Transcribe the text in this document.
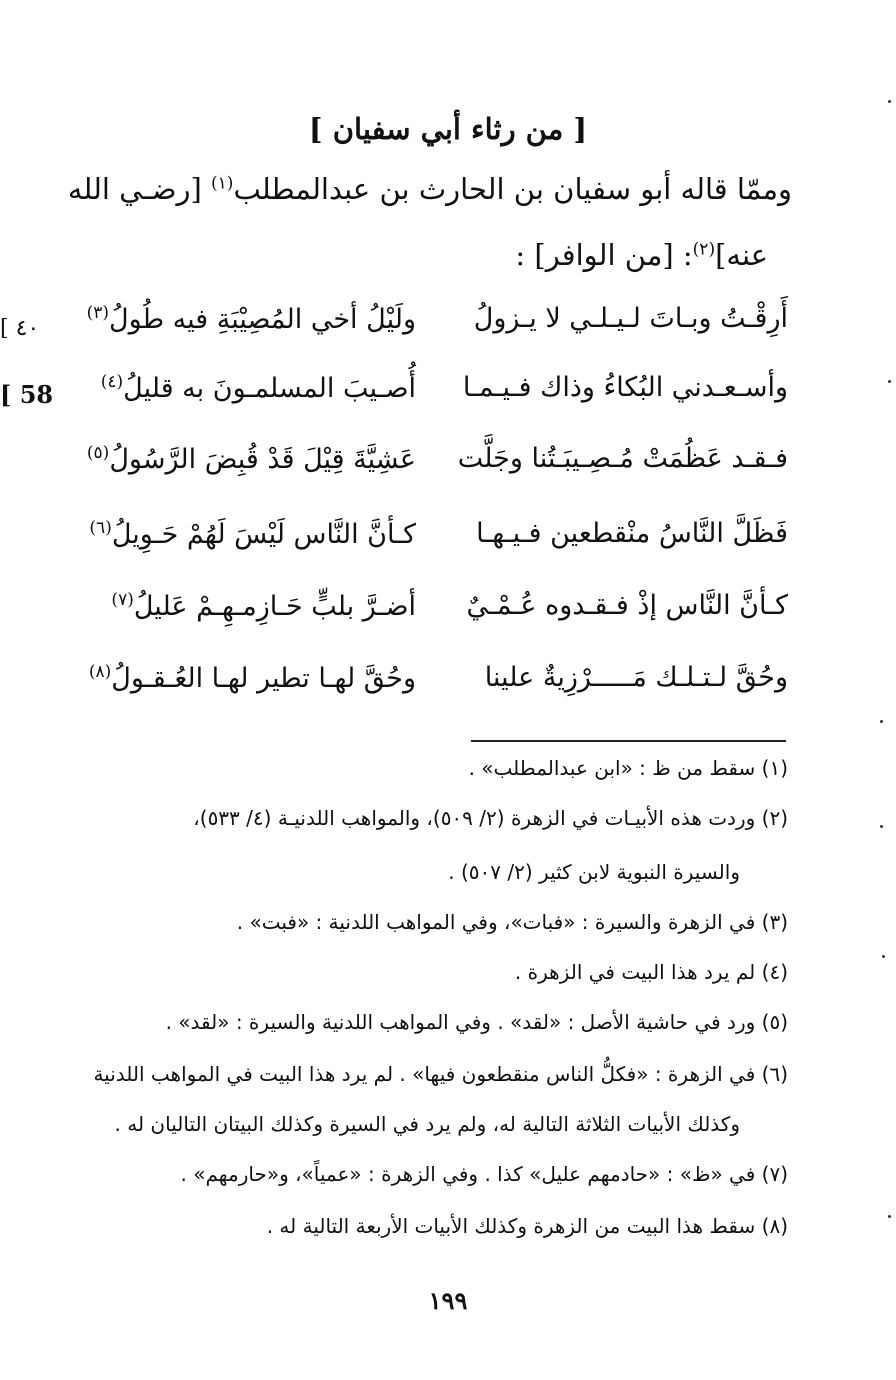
[ من رثاء أبي سفيان ]
وممّا قاله أبو سفيان بن الحارث بن عبدالمطلب$^{(١)}$ [رضـي الله
عنه]$^{(٢)}$: [من الوافر] :
[ ٤٠
[ 58
أَرِقْـتُ وبـاتَ لـيـلـي لا يـزولُ
ولَيْلُ أخي المُصِيْبَةِ فيه طُولُ$^{(٣)}$
وأسـعـدني البُكاءُ وذاك فـيـمـا
أُصـيبَ المسلمـونَ به قليلُ$^{(٤)}$
فـقـد عَظُمَتْ مُـصِـيبَـتُنا وجَلَّت
عَشِيَّةَ قِيْلَ قَدْ قُبِضَ الرَّسُولُ$^{(٥)}$
فَظَلَّ النَّاسُ منْقطعين فـيـهـا
كـأنَّ النَّاس لَيْسَ لَهُمْ حَـوِيلُ$^{(٦)}$
كـأنَّ النَّاس إذْ فـقـدوه عُـمْـيٌ
أضـرَّ بلبٍّ حَـازِمـهِـمْ عَليلُ$^{(٧)}$
وحُقَّ لـتـلـك مَـــــرْزِيةٌ علينا
وحُقَّ لهـا تطير لهـا العُـقـولُ$^{(٨)}$
(١) سقط من ظ : «ابن عبدالمطلب» .
(٢) وردت هذه الأبيـات في الزهرة (٢/ ٥٠٩)، والمواهب اللدنيـة (٤/ ٥٣٣)،
والسيرة النبوية لابن كثير (٢/ ٥٠٧) .
(٣) في الزهرة والسيرة : «فبات»، وفي المواهب اللدنية : «فبت» .
(٤) لم يرد هذا البيت في الزهرة .
(٥) ورد في حاشية الأصل : «لقد» . وفي المواهب اللدنية والسيرة : «لقد» .
(٦) في الزهرة : «فكلُّ الناس منقطعون فيها» . لم يرد هذا البيت في المواهب اللدنية
وكذلك الأبيات الثلاثة التالية له، ولم يرد في السيرة وكذلك البيتان التاليان له .
(٧) في «ظ» : «حادمهم عليل» كذا . وفي الزهرة : «عمياً»، و«حارمهم» .
(٨) سقط هذا البيت من الزهرة وكذلك الأبيات الأربعة التالية له .
١٩٩
